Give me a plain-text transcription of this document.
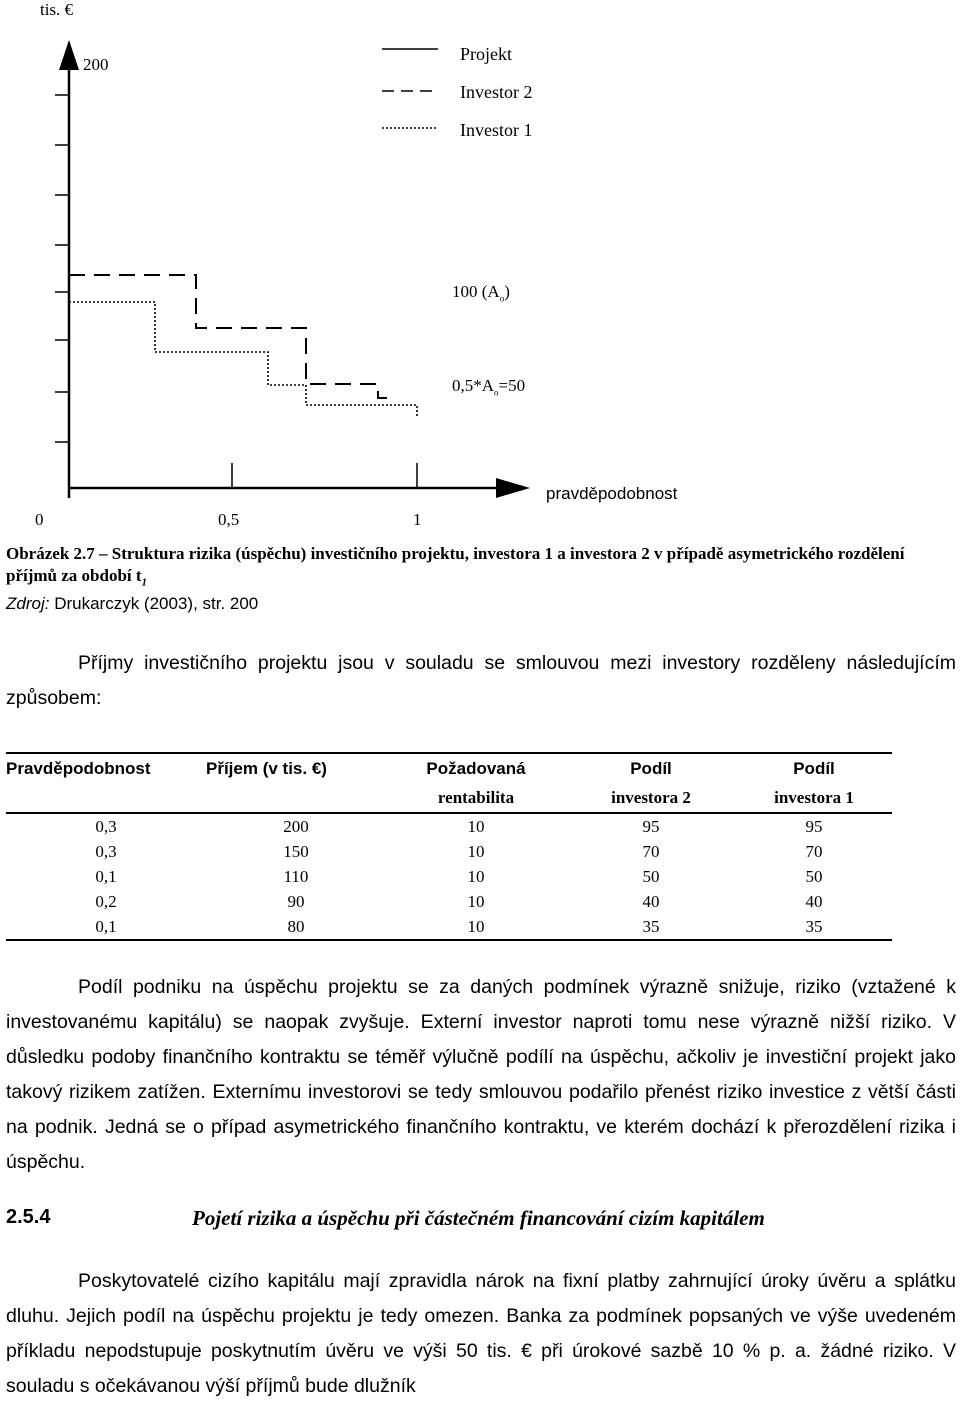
tis. €
200
Projekt
Investor 2
Investor 1
100 $(A_o)$
$0,5*A_o=50$
pravděpodobnost
0	0,5	1
Obrázek 2.7 – Struktura rizika (úspěchu) investičního projektu, investora 1 a investora 2 v případě asymetrického rozdělení příjmů za období $t_1$
Zdroj: Drukarczyk (2003), str. 200

Příjmy investičního projektu jsou v souladu se smlouvou mezi investory rozděleny následujícím způsobem:

Pravděpodobnost	Příjem (v tis. €)	Požadovaná	Podíl	Podíl
		rentabilita	investora 2	investora 1
0,3	200	10	95	95
0,3	150	10	70	70
0,1	110	10	50	50
0,2	90	10	40	40
0,1	80	10	35	35

Podíl podniku na úspěchu projektu se za daných podmínek výrazně snižuje, riziko (vztažené k investovanému kapitálu) se naopak zvyšuje. Externí investor naproti tomu nese výrazně nižší riziko. V důsledku podoby finančního kontraktu se téměř výlučně podílí na úspěchu, ačkoliv je investiční projekt jako takový rizikem zatížen. Externímu investorovi se tedy smlouvou podařilo přenést riziko investice z větší části na podnik. Jedná se o případ asymetrického finančního kontraktu, ve kterém dochází k přerozdělení rizika i úspěchu.

2.5.4	Pojetí rizika a úspěchu při částečném financování cizím kapitálem

Poskytovatelé cizího kapitálu mají zpravidla nárok na fixní platby zahrnující úroky úvěru a splátku dluhu. Jejich podíl na úspěchu projektu je tedy omezen. Banka za podmínek popsaných ve výše uvedeném příkladu nepodstupuje poskytnutím úvěru ve výši 50 tis. € při úrokové sazbě 10 % p. a. žádné riziko. V souladu s očekávanou výší příjmů bude dlužník
